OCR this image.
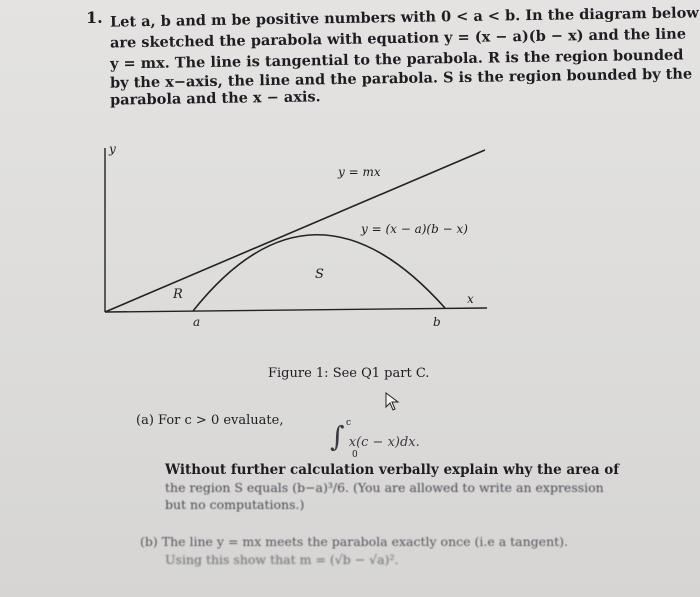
1. Let a, b and m be positive numbers with 0 < a < b. In the diagram below
are sketched the parabola with equation y = (x − a)(b − x) and the line
y = mx. The line is tangential to the parabola. R is the region bounded
by the x−axis, the line and the parabola. S is the region bounded by the
parabola and the x − axis.
y
x
y = mx
y = (x − a)(b − x)
R
S
a	b
Figure 1: See Q1 part C.
(a) For c > 0 evaluate, ∫ x(c − x)dx.
c
0
Without further calculation verbally explain why the area of
the region S equals (b−a)³/6. (You are allowed to write an expression
but no computations.)
(b) The line y = mx meets the parabola exactly once (i.e a tangent).
Using this show that m = (√b − √a)².
